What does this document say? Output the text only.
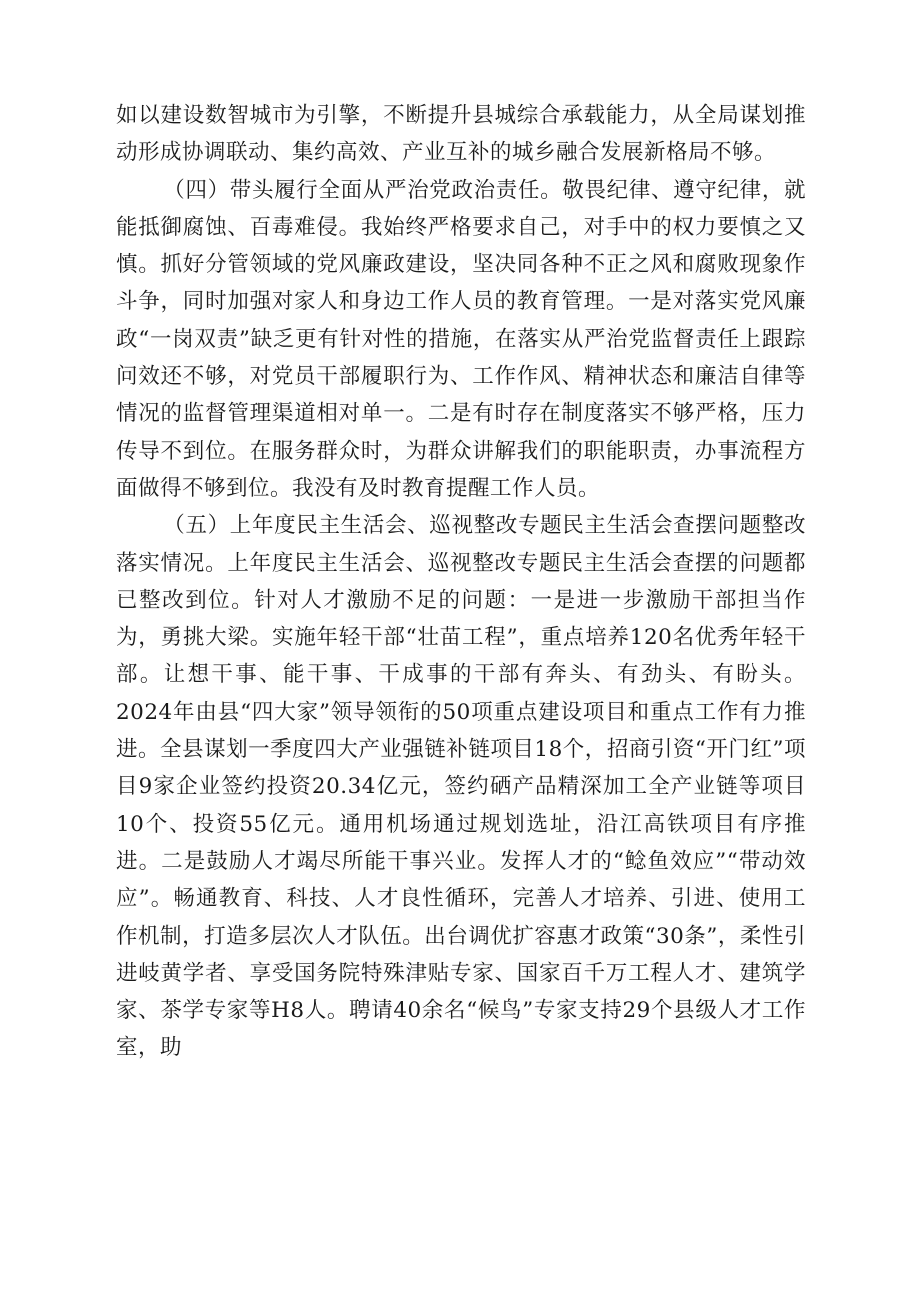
如以建设数智城市为引擎，不断提升县城综合承载能力，从全局谋划推动形成协调联动、集约高效、产业互补的城乡融合发展新格局不够。

（四）带头履行全面从严治党政治责任。敬畏纪律、遵守纪律，就能抵御腐蚀、百毒难侵。我始终严格要求自己，对手中的权力要慎之又慎。抓好分管领域的党风廉政建设，坚决同各种不正之风和腐败现象作斗争，同时加强对家人和身边工作人员的教育管理。一是对落实党风廉政“一岗双责”缺乏更有针对性的措施，在落实从严治党监督责任上跟踪问效还不够，对党员干部履职行为、工作作风、精神状态和廉洁自律等情况的监督管理渠道相对单一。二是有时存在制度落实不够严格，压力传导不到位。在服务群众时，为群众讲解我们的职能职责，办事流程方面做得不够到位。我没有及时教育提醒工作人员。

（五）上年度民主生活会、巡视整改专题民主生活会查摆问题整改落实情况。上年度民主生活会、巡视整改专题民主生活会查摆的问题都已整改到位。针对人才激励不足的问题：一是进一步激励干部担当作为，勇挑大梁。实施年轻干部“壮苗工程”，重点培养120名优秀年轻干部。让想干事、能干事、干成事的干部有奔头、有劲头、有盼头。2024年由县“四大家”领导领衔的50项重点建设项目和重点工作有力推进。全县谋划一季度四大产业强链补链项目18个，招商引资“开门红”项目9家企业签约投资20.34亿元，签约硒产品精深加工全产业链等项目10个、投资55亿元。通用机场通过规划选址，沿江高铁项目有序推进。二是鼓励人才竭尽所能干事兴业。发挥人才的“鲶鱼效应”“带动效应”。畅通教育、科技、人才良性循环，完善人才培养、引进、使用工作机制，打造多层次人才队伍。出台调优扩容惠才政策“30条”，柔性引进岐黄学者、享受国务院特殊津贴专家、国家百千万工程人才、建筑学家、茶学专家等H8人。聘请40余名“候鸟”专家支持29个县级人才工作室，助
